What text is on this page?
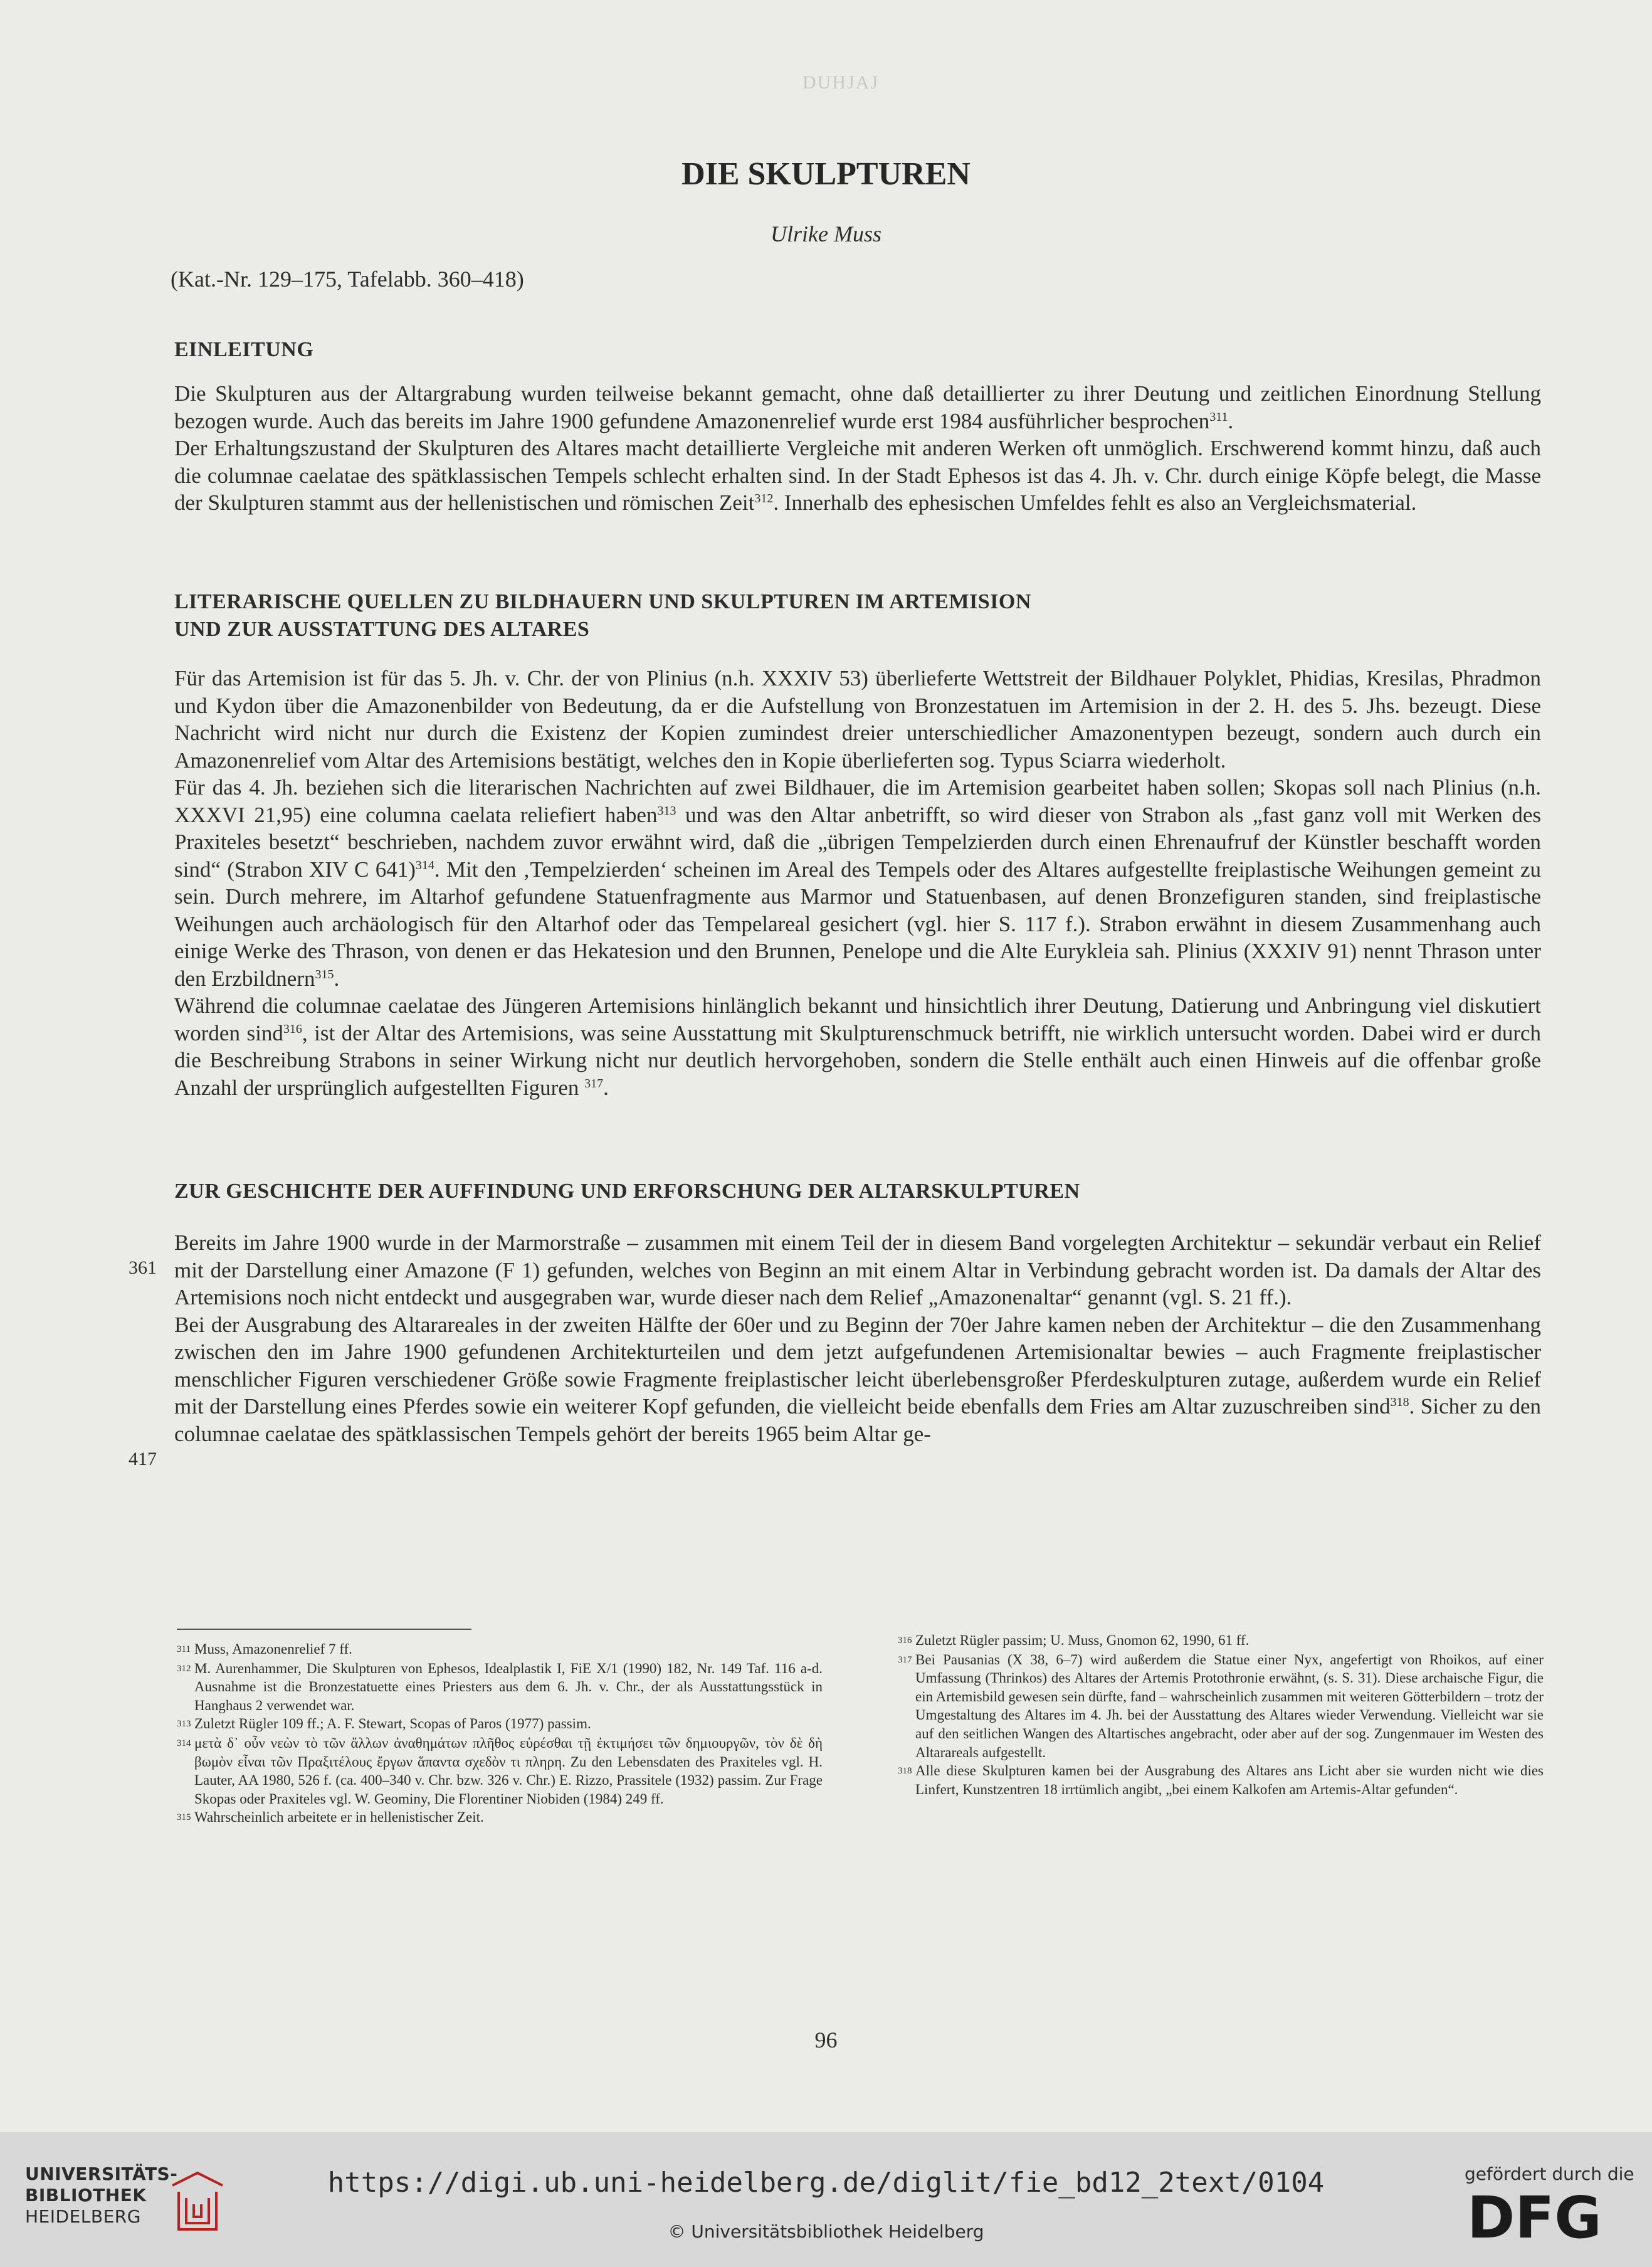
DUHJAJ
DIE SKULPTUREN
Ulrike Muss
(Kat.-Nr. 129–175, Tafelabb. 360–418)
EINLEITUNG

Die Skulpturen aus der Altargrabung wurden teilweise bekannt gemacht, ohne daß detaillierter zu ihrer Deutung und zeitlichen Einordnung Stellung bezogen wurde. Auch das bereits im Jahre 1900 gefundene Amazonenrelief wurde erst 1984 ausführlicher besprochen$^{311}$.

Der Erhaltungszustand der Skulpturen des Altares macht detaillierte Vergleiche mit anderen Werken oft unmöglich. Erschwerend kommt hinzu, daß auch die columnae caelatae des spätklassischen Tempels schlecht erhalten sind. In der Stadt Ephesos ist das 4. Jh. v. Chr. durch einige Köpfe belegt, die Masse der Skulpturen stammt aus der hellenistischen und römischen Zeit$^{312}$. Innerhalb des ephesischen Umfeldes fehlt es also an Vergleichsmaterial.

LITERARISCHE QUELLEN ZU BILDHAUERN UND SKULPTUREN IM ARTEMISION
UND ZUR AUSSTATTUNG DES ALTARES

Für das Artemision ist für das 5. Jh. v. Chr. der von Plinius (n.h. XXXIV 53) überlieferte Wettstreit der Bildhauer Polyklet, Phidias, Kresilas, Phradmon und Kydon über die Amazonenbilder von Bedeutung, da er die Aufstellung von Bronzestatuen im Artemision in der 2. H. des 5. Jhs. bezeugt. Diese Nachricht wird nicht nur durch die Existenz der Kopien zumindest dreier unterschiedlicher Amazonentypen bezeugt, sondern auch durch ein Amazonenrelief vom Altar des Artemisions bestätigt, welches den in Kopie überlieferten sog. Typus Sciarra wiederholt.

Für das 4. Jh. beziehen sich die literarischen Nachrichten auf zwei Bildhauer, die im Artemision gearbeitet haben sollen; Skopas soll nach Plinius (n.h. XXXVI 21,95) eine columna caelata reliefiert haben$^{313}$ und was den Altar anbetrifft, so wird dieser von Strabon als „fast ganz voll mit Werken des Praxiteles besetzt“ beschrieben, nachdem zuvor erwähnt wird, daß die „übrigen Tempelzierden durch einen Ehrenaufruf der Künstler beschafft worden sind“ (Strabon XIV C 641)$^{314}$. Mit den ‚Tempelzierden‘ scheinen im Areal des Tempels oder des Altares aufgestellte freiplastische Weihungen gemeint zu sein. Durch mehrere, im Altarhof gefundene Statuenfragmente aus Marmor und Statuenbasen, auf denen Bronzefiguren standen, sind freiplastische Weihungen auch archäologisch für den Altarhof oder das Tempelareal gesichert (vgl. hier S. 117 f.). Strabon erwähnt in diesem Zusammenhang auch einige Werke des Thrason, von denen er das Hekatesion und den Brunnen, Penelope und die Alte Eurykleia sah. Plinius (XXXIV 91) nennt Thrason unter den Erzbildnern$^{315}$.

Während die columnae caelatae des Jüngeren Artemisions hinlänglich bekannt und hinsichtlich ihrer Deutung, Datierung und Anbringung viel diskutiert worden sind$^{316}$, ist der Altar des Artemisions, was seine Ausstattung mit Skulpturenschmuck betrifft, nie wirklich untersucht worden. Dabei wird er durch die Beschreibung Strabons in seiner Wirkung nicht nur deutlich hervorgehoben, sondern die Stelle enthält auch einen Hinweis auf die offenbar große Anzahl der ursprünglich aufgestellten Figuren $^{317}$.

ZUR GESCHICHTE DER AUFFINDUNG UND ERFORSCHUNG DER ALTARSKULPTUREN
361
417

Bereits im Jahre 1900 wurde in der Marmorstraße – zusammen mit einem Teil der in diesem Band vorgelegten Architektur – sekundär verbaut ein Relief mit der Darstellung einer Amazone (F 1) gefunden, welches von Beginn an mit einem Altar in Verbindung gebracht worden ist. Da damals der Altar des Artemisions noch nicht entdeckt und ausgegraben war, wurde dieser nach dem Relief „Amazonenaltar“ genannt (vgl. S. 21 ff.).

Bei der Ausgrabung des Altarareales in der zweiten Hälfte der 60er und zu Beginn der 70er Jahre kamen neben der Architektur – die den Zusammenhang zwischen den im Jahre 1900 gefundenen Architekturteilen und dem jetzt aufgefundenen Artemisionaltar bewies – auch Fragmente freiplastischer menschlicher Figuren verschiedener Größe sowie Fragmente freiplastischer leicht überlebensgroßer Pferdeskulpturen zutage, außerdem wurde ein Relief mit der Darstellung eines Pferdes sowie ein weiterer Kopf gefunden, die vielleicht beide ebenfalls dem Fries am Altar zuzuschreiben sind$^{318}$. Sicher zu den columnae caelatae des spätklassischen Tempels gehört der bereits 1965 beim Altar ge-

311 Muss, Amazonenrelief 7 ff.
312 M. Aurenhammer, Die Skulpturen von Ephesos, Idealplastik I, FiE X/1 (1990) 182, Nr. 149 Taf. 116 a-d. Ausnahme ist die Bronzestatuette eines Priesters aus dem 6. Jh. v. Chr., der als Ausstattungsstück in Hanghaus 2 verwendet war.
313 Zuletzt Rügler 109 ff.; A. F. Stewart, Scopas of Paros (1977) passim.
314 μετὰ δ᾽ οὖν νεὼν τὸ τῶν ἄλλων ἀναθημάτων πλῆθος εὑρέσθαι τῇ ἐκτιμήσει τῶν δημιουργῶν, τὸν δὲ δὴ βωμὸν εἶναι τῶν Πραξιτέλους ἔργων ἅπαντα σχεδὸν τι πληρη. Zu den Lebensdaten des Praxiteles vgl. H. Lauter, AA 1980, 526 f. (ca. 400–340 v. Chr. bzw. 326 v. Chr.) E. Rizzo, Prassitele (1932) passim. Zur Frage Skopas oder Praxiteles vgl. W. Geominy, Die Florentiner Niobiden (1984) 249 ff.
315 Wahrscheinlich arbeitete er in hellenistischer Zeit.
316 Zuletzt Rügler passim; U. Muss, Gnomon 62, 1990, 61 ff.
317 Bei Pausanias (X 38, 6–7) wird außerdem die Statue einer Nyx, angefertigt von Rhoikos, auf einer Umfassung (Thrinkos) des Altares der Artemis Protothronie erwähnt, (s. S. 31). Diese archaische Figur, die ein Artemisbild gewesen sein dürfte, fand – wahrscheinlich zusammen mit weiteren Götterbildern – trotz der Umgestaltung des Altares im 4. Jh. bei der Ausstattung des Altares wieder Verwendung. Vielleicht war sie auf den seitlichen Wangen des Altartisches angebracht, oder aber auf der sog. Zungenmauer im Westen des Altarareals aufgestellt.
318 Alle diese Skulpturen kamen bei der Ausgrabung des Altares ans Licht aber sie wurden nicht wie dies Linfert, Kunstzentren 18 irrtümlich angibt, „bei einem Kalkofen am Artemis-Altar gefunden“.
96
UNIVERSITÄTS-
BIBLIOTHEK
HEIDELBERG
https://digi.ub.uni-heidelberg.de/diglit/fie_bd12_2text/0104
© Universitätsbibliothek Heidelberg
gefördert durch die
DFG
